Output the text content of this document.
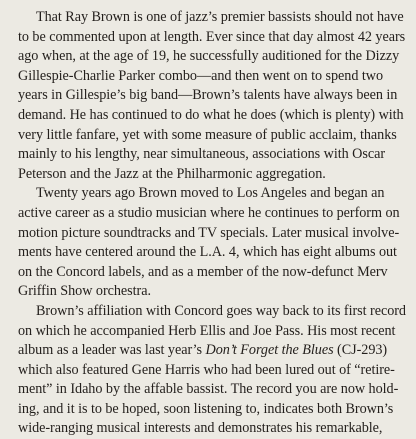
That Ray Brown is one of jazz’s premier bassists should not have
to be commented upon at length. Ever since that day almost 42 years
ago when, at the age of 19, he successfully auditioned for the Dizzy
Gillespie-Charlie Parker combo—and then went on to spend two
years in Gillespie’s big band—Brown’s talents have always been in
demand. He has continued to do what he does (which is plenty) with
very little fanfare, yet with some measure of public acclaim, thanks
mainly to his lengthy, near simultaneous, associations with Oscar
Peterson and the Jazz at the Philharmonic aggregation.
Twenty years ago Brown moved to Los Angeles and began an
active career as a studio musician where he continues to perform on
motion picture soundtracks and TV specials. Later musical involve-
ments have centered around the L.A. 4, which has eight albums out
on the Concord labels, and as a member of the now-defunct Merv
Griffin Show orchestra.
Brown’s affiliation with Concord goes way back to its first record
on which he accompanied Herb Ellis and Joe Pass. His most recent
album as a leader was last year’s Don’t Forget the Blues (CJ-293)
which also featured Gene Harris who had been lured out of “retire-
ment” in Idaho by the affable bassist. The record you are now hold-
ing, and it is to be hoped, soon listening to, indicates both Brown’s
wide-ranging musical interests and demonstrates his remarkable,
